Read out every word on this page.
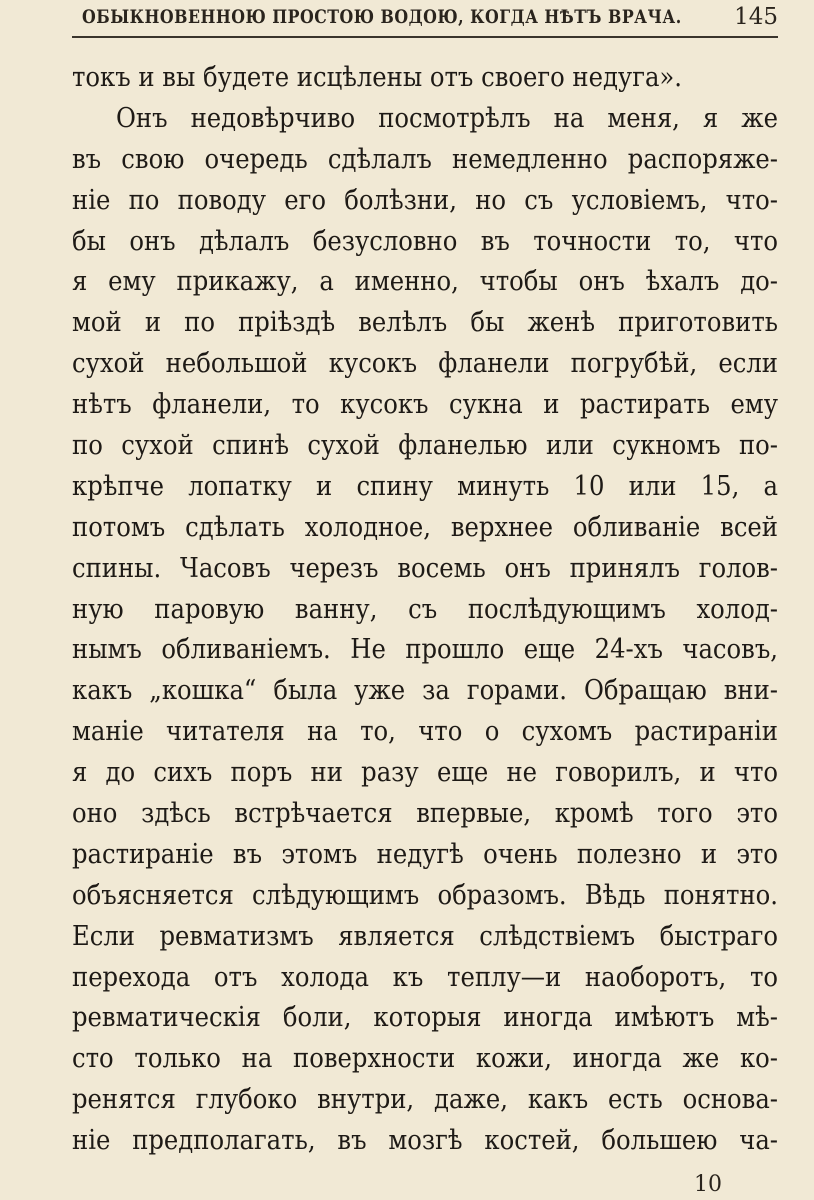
ОБЫКНОВЕННОЮ ПРОСТОЮ ВОДОЮ, КОГДА НѢТЪ ВРАЧА. 145
токъ и вы будете исцѣлены отъ своего недуга».
Онъ недовѣрчиво посмотрѣлъ на меня, я же
въ свою очередь сдѣлалъ немедленно распоряже-
ніе по поводу его болѣзни, но съ условіемъ, что-
бы онъ дѣлалъ безусловно въ точности то, что
я ему прикажу, а именно, чтобы онъ ѣхалъ до-
мой и по пріѣздѣ велѣлъ бы женѣ приготовить
сухой небольшой кусокъ фланели погрубѣй, если
нѣтъ фланели, то кусокъ сукна и растирать ему
по сухой спинѣ сухой фланелью или сукномъ по-
крѣпче лопатку и спину минуть 10 или 15, а
потомъ сдѣлать холодное, верхнее обливаніе всей
спины. Часовъ черезъ восемь онъ принялъ голов-
ную паровую ванну, съ послѣдующимъ холод-
нымъ обливаніемъ. Не прошло еще 24-хъ часовъ,
какъ „кошка“ была уже за горами. Обращаю вни-
маніе читателя на то, что о сухомъ растираніи
я до сихъ поръ ни разу еще не говорилъ, и что
оно здѣсь встрѣчается впервые, кромѣ того это
растираніе въ этомъ недугѣ очень полезно и это
объясняется слѣдующимъ образомъ. Вѣдь понятно.
Если ревматизмъ является слѣдствіемъ быстраго
перехода отъ холода къ теплу—и наоборотъ, то
ревматическія боли, которыя иногда имѣютъ мѣ-
сто только на поверхности кожи, иногда же ко-
ренятся глубоко внутри, даже, какъ есть основа-
ніе предполагать, въ мозгѣ костей, большею ча-
10
